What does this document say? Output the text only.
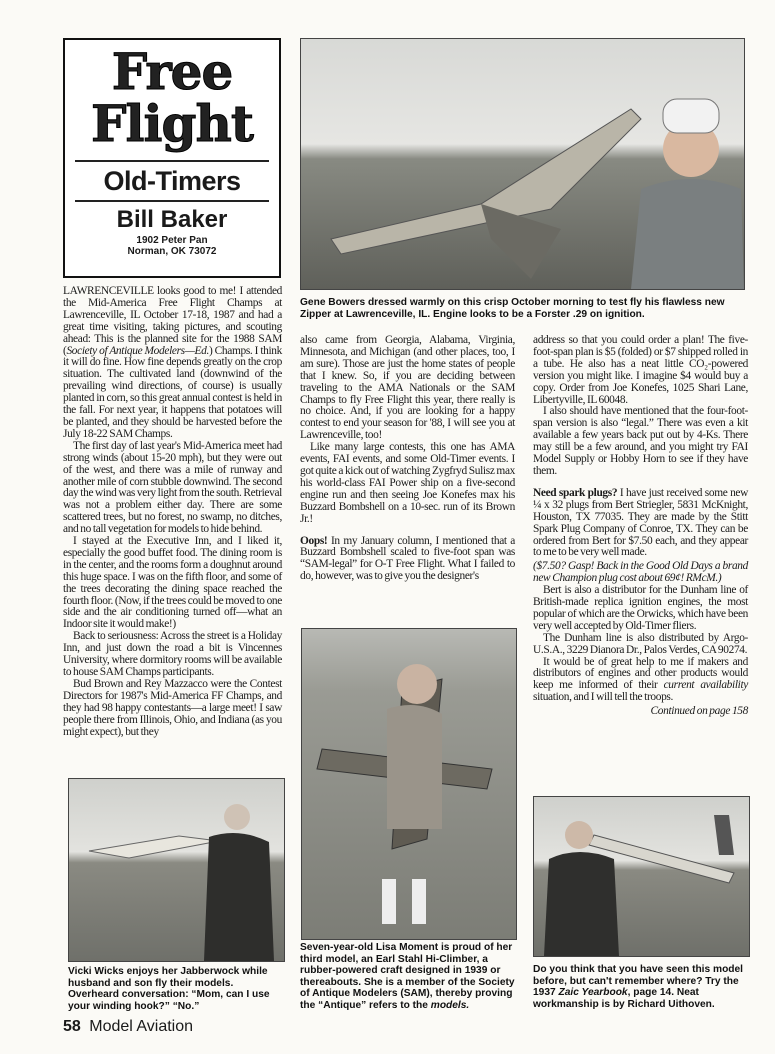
Free
Flight
Old-Timers
Bill Baker
1902 Peter Pan
Norman, OK 73072
Gene Bowers dressed warmly on this crisp October morning to test fly his flawless new Zipper at Lawrenceville, IL. Engine looks to be a Forster .29 on ignition.

LAWRENCEVILLE looks good to me! I attended the Mid-America Free Flight Champs at Lawrenceville, IL October 17-18, 1987 and had a great time visiting, taking pictures, and scouting ahead: This is the planned site for the 1988 SAM (Society of Antique Modelers—Ed.) Champs. I think it will do fine. How fine depends greatly on the crop situation. The cultivated land (downwind of the prevailing wind directions, of course) is usually planted in corn, so this great annual contest is held in the fall. For next year, it happens that potatoes will be planted, and they should be harvested before the July 18-22 SAM Champs.

The first day of last year's Mid-America meet had strong winds (about 15-20 mph), but they were out of the west, and there was a mile of runway and another mile of corn stubble downwind. The second day the wind was very light from the south. Retrieval was not a problem either day. There are some scattered trees, but no forest, no swamp, no ditches, and no tall vegetation for models to hide behind.

I stayed at the Executive Inn, and I liked it, especially the good buffet food. The dining room is in the center, and the rooms form a doughnut around this huge space. I was on the fifth floor, and some of the trees decorating the dining space reached the fourth floor. (Now, if the trees could be moved to one side and the air conditioning turned off—what an Indoor site it would make!)

Back to seriousness: Across the street is a Holiday Inn, and just down the road a bit is Vincennes University, where dormitory rooms will be available to house SAM Champs participants.

Bud Brown and Rey Mazzacco were the Contest Directors for 1987's Mid-America FF Champs, and they had 98 happy contestants—a large meet! I saw people there from Illinois, Ohio, and Indiana (as you might expect), but they

also came from Georgia, Alabama, Virginia, Minnesota, and Michigan (and other places, too, I am sure). Those are just the home states of people that I knew. So, if you are deciding between traveling to the AMA Nationals or the SAM Champs to fly Free Flight this year, there really is no choice. And, if you are looking for a happy contest to end your season for '88, I will see you at Lawrenceville, too!

Like many large contests, this one has AMA events, FAI events, and some Old-Timer events. I got quite a kick out of watching Zygfryd Sulisz max his world-class FAI Power ship on a five-second engine run and then seeing Joe Konefes max his Buzzard Bombshell on a 10-sec. run of its Brown Jr.!

Oops! In my January column, I mentioned that a Buzzard Bombshell scaled to five-foot span was “SAM-legal” for O-T Free Flight. What I failed to do, however, was to give you the designer's

address so that you could order a plan! The five-foot-span plan is $5 (folded) or $7 shipped rolled in a tube. He also has a neat little CO₂-powered version you might like. I imagine $4 would buy a copy. Order from Joe Konefes, 1025 Shari Lane, Libertyville, IL 60048.

I also should have mentioned that the four-foot-span version is also “legal.” There was even a kit available a few years back put out by 4-Ks. There may still be a few around, and you might try FAI Model Supply or Hobby Horn to see if they have them.

Need spark plugs? I have just received some new ¼ x 32 plugs from Bert Striegler, 5831 McKnight, Houston, TX 77035. They are made by the Stitt Spark Plug Company of Conroe, TX. They can be ordered from Bert for $7.50 each, and they appear to me to be very well made.

($7.50? Gasp! Back in the Good Old Days a brand new Champion plug cost about 69¢! RMcM.)

Bert is also a distributor for the Dunham line of British-made replica ignition engines, the most popular of which are the Orwicks, which have been very well accepted by Old-Timer fliers.

The Dunham line is also distributed by Argo-U.S.A., 3229 Dianora Dr., Palos Verdes, CA 90274.

It would be of great help to me if makers and distributors of engines and other products would keep me informed of their current availability situation, and I will tell the troops.

Continued on page 158

Vicki Wicks enjoys her Jabberwock while husband and son fly their models. Overheard conversation: “Mom, can I use your winding hook?” “No.”
Seven-year-old Lisa Moment is proud of her third model, an Earl Stahl Hi-Climber, a rubber-powered craft designed in 1939 or thereabouts. She is a member of the Society of Antique Modelers (SAM), thereby proving the “Antique” refers to the models.
Do you think that you have seen this model before, but can't remember where? Try the 1937 Zaic Yearbook, page 14. Neat workmanship is by Richard Uithoven.
58 Model Aviation
